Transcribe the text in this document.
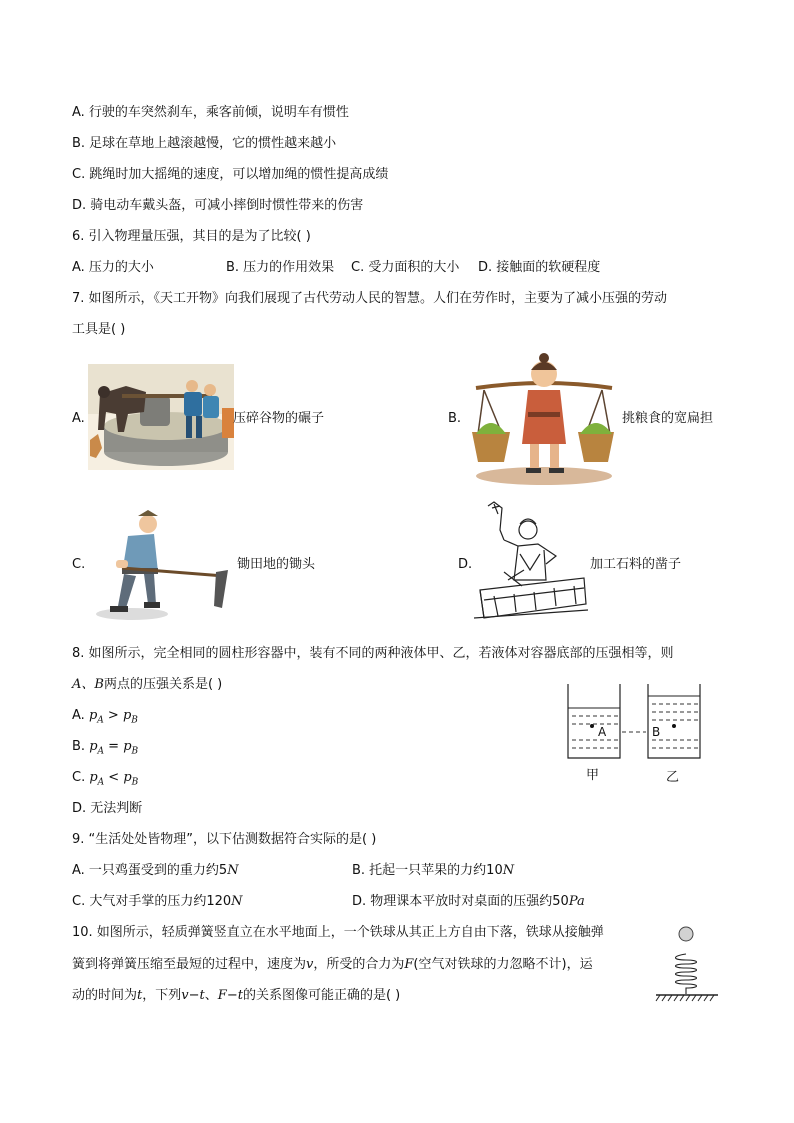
A. 行驶的车突然刹车，乘客前倾，说明车有惯性
B. 足球在草地上越滚越慢，它的惯性越来越小
C. 跳绳时加大摇绳的速度，可以增加绳的惯性提高成绩
D. 骑电动车戴头盔，可减小摔倒时惯性带来的伤害
6. 引入物理量压强，其目的是为了比较( )
A. 压力的大小	B. 压力的作用效果 C. 受力面积的大小 D. 接触面的软硬程度
7. 如图所示，《天工开物》向我们展现了古代劳动人民的智慧。人们在劳作时，主要为了减小压强的劳动
工具是( )
A.	压碎谷物的碾子	B.	挑粮食的宽扁担
C.	锄田地的锄头	D.	加工石料的凿子
8. 如图所示，完全相同的圆柱形容器中，装有不同的两种液体甲、乙，若液体对容器底部的压强相等，则
A、B两点的压强关系是( )
A. $p_A > p_B$
B. $p_A = p_B$
C. $p_A < p_B$
D. 无法判断
A	B
甲	乙
9. “生活处处皆物理”，以下估测数据符合实际的是( )
A. 一只鸡蛋受到的重力约5N	B. 托起一只苹果的力约10N
C. 大气对手掌的压力约120N	D. 物理课本平放时对桌面的压强约50Pa
10. 如图所示，轻质弹簧竖直立在水平地面上，一个铁球从其正上方自由下落，铁球从接触弹
簧到将弹簧压缩至最短的过程中，速度为v，所受的合力为F(空气对铁球的力忽略不计)，运
动的时间为t，下列v−t、F−t的关系图像可能正确的是( )
